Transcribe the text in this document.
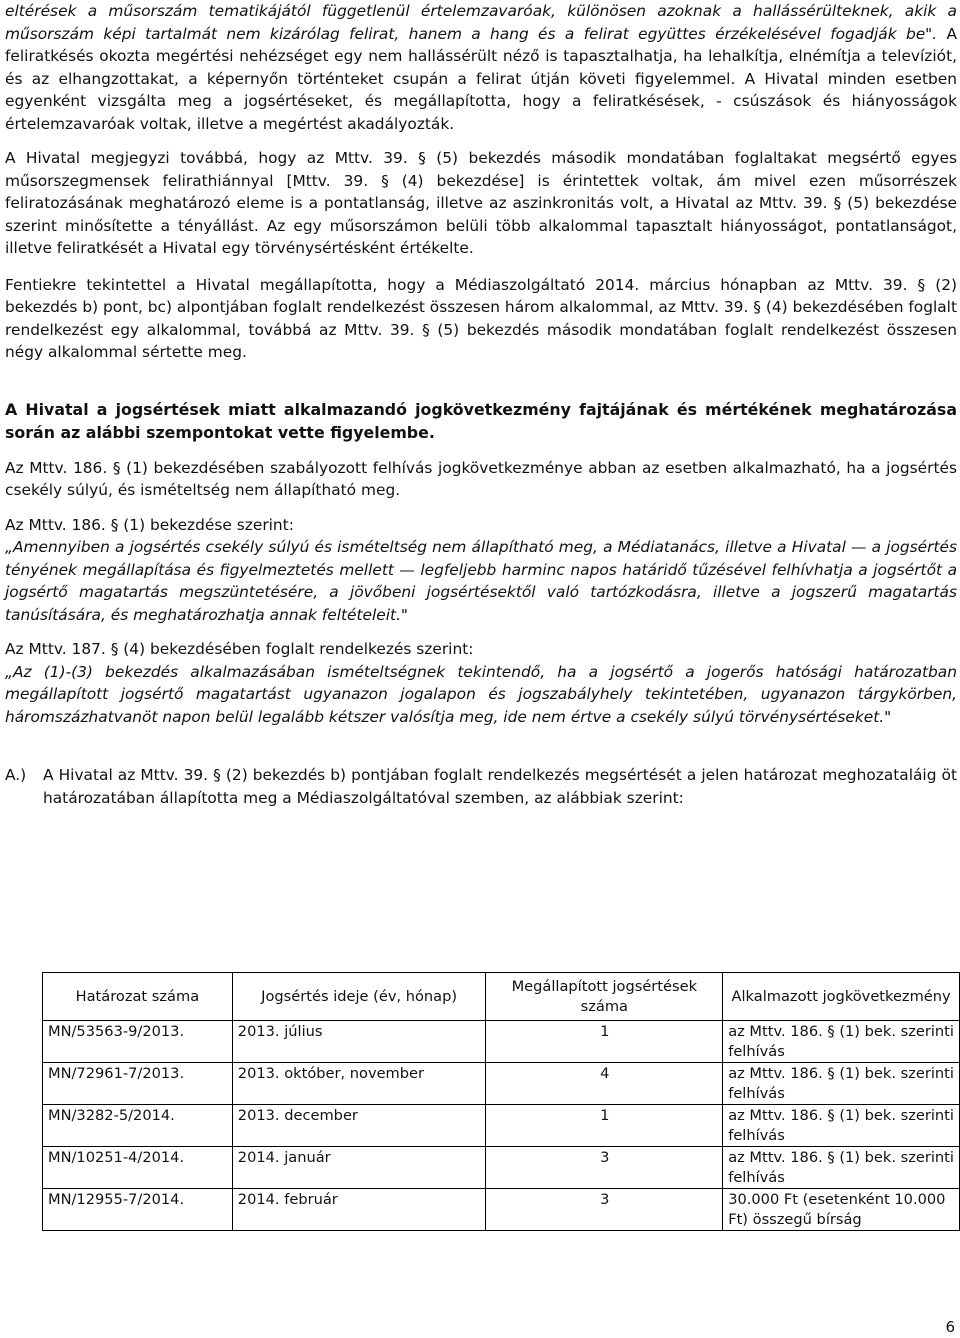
eltérések a műsorszám tematikájától függetlenül értelemzavaróak, különösen azoknak a hallássérülteknek, akik a műsorszám képi tartalmát nem kizárólag felirat, hanem a hang és a felirat együttes érzékelésével fogadják be". A feliratkésés okozta megértési nehézséget egy nem hallássérült néző is tapasztalhatja, ha lehalkítja, elnémítja a televíziót, és az elhangzottakat, a képernyőn történteket csupán a felirat útján követi figyelemmel. A Hivatal minden esetben egyenként vizsgálta meg a jogsértéseket, és megállapította, hogy a feliratkésések, - csúszások és hiányosságok értelemzavaróak voltak, illetve a megértést akadályozták.

A Hivatal megjegyzi továbbá, hogy az Mttv. 39. § (5) bekezdés második mondatában foglaltakat megsértő egyes műsorszegmensek felirathiánnyal [Mttv. 39. § (4) bekezdése] is érintettek voltak, ám mivel ezen műsorrészek feliratozásának meghatározó eleme is a pontatlanság, illetve az aszinkronitás volt, a Hivatal az Mttv. 39. § (5) bekezdése szerint minősítette a tényállást. Az egy műsorszámon belüli több alkalommal tapasztalt hiányosságot, pontatlanságot, illetve feliratkését a Hivatal egy törvénysértésként értékelte.

Fentiekre tekintettel a Hivatal megállapította, hogy a Médiaszolgáltató 2014. március hónapban az Mttv. 39. § (2) bekezdés b) pont, bc) alpontjában foglalt rendelkezést összesen három alkalommal, az Mttv. 39. § (4) bekezdésében foglalt rendelkezést egy alkalommal, továbbá az Mttv. 39. § (5) bekezdés második mondatában foglalt rendelkezést összesen négy alkalommal sértette meg.

A Hivatal a jogsértések miatt alkalmazandó jogkövetkezmény fajtájának és mértékének meghatározása során az alábbi szempontokat vette figyelembe.

Az Mttv. 186. § (1) bekezdésében szabályozott felhívás jogkövetkezménye abban az esetben alkalmazható, ha a jogsértés csekély súlyú, és ismételtség nem állapítható meg.

Az Mttv. 186. § (1) bekezdése szerint:

„Amennyiben a jogsértés csekély súlyú és ismételtség nem állapítható meg, a Médiatanács, illetve a Hivatal — a jogsértés tényének megállapítása és figyelmeztetés mellett — legfeljebb harminc napos határidő tűzésével felhívhatja a jogsértőt a jogsértő magatartás megszüntetésére, a jövőbeni jogsértésektől való tartózkodásra, illetve a jogszerű magatartás tanúsítására, és meghatározhatja annak feltételeit."

Az Mttv. 187. § (4) bekezdésében foglalt rendelkezés szerint:

„Az (1)-(3) bekezdés alkalmazásában ismételtségnek tekintendő, ha a jogsértő a jogerős hatósági határozatban megállapított jogsértő magatartást ugyanazon jogalapon és jogszabályhely tekintetében, ugyanazon tárgykörben, háromszázhatvanöt napon belül legalább kétszer valósítja meg, ide nem értve a csekély súlyú törvénysértéseket."

A.)	A Hivatal az Mttv. 39. § (2) bekezdés b) pontjában foglalt rendelkezés megsértését a jelen határozat meghozataláig öt határozatában állapította meg a Médiaszolgáltatóval szemben, az alábbiak szerint:
Határozat száma	Jogsértés ideje (év, hónap)	Megállapított jogsértések száma	Alkalmazott jogkövetkezmény
MN/53563-9/2013.	2013. július	1	az Mttv. 186. § (1) bek. szerinti felhívás
MN/72961-7/2013.	2013. október, november	4	az Mttv. 186. § (1) bek. szerinti felhívás
MN/3282-5/2014.	2013. december	1	az Mttv. 186. § (1) bek. szerinti felhívás
MN/10251-4/2014.	2014. január	3	az Mttv. 186. § (1) bek. szerinti felhívás
MN/12955-7/2014.	2014. február	3	30.000 Ft (esetenként 10.000 Ft) összegű bírság
6
